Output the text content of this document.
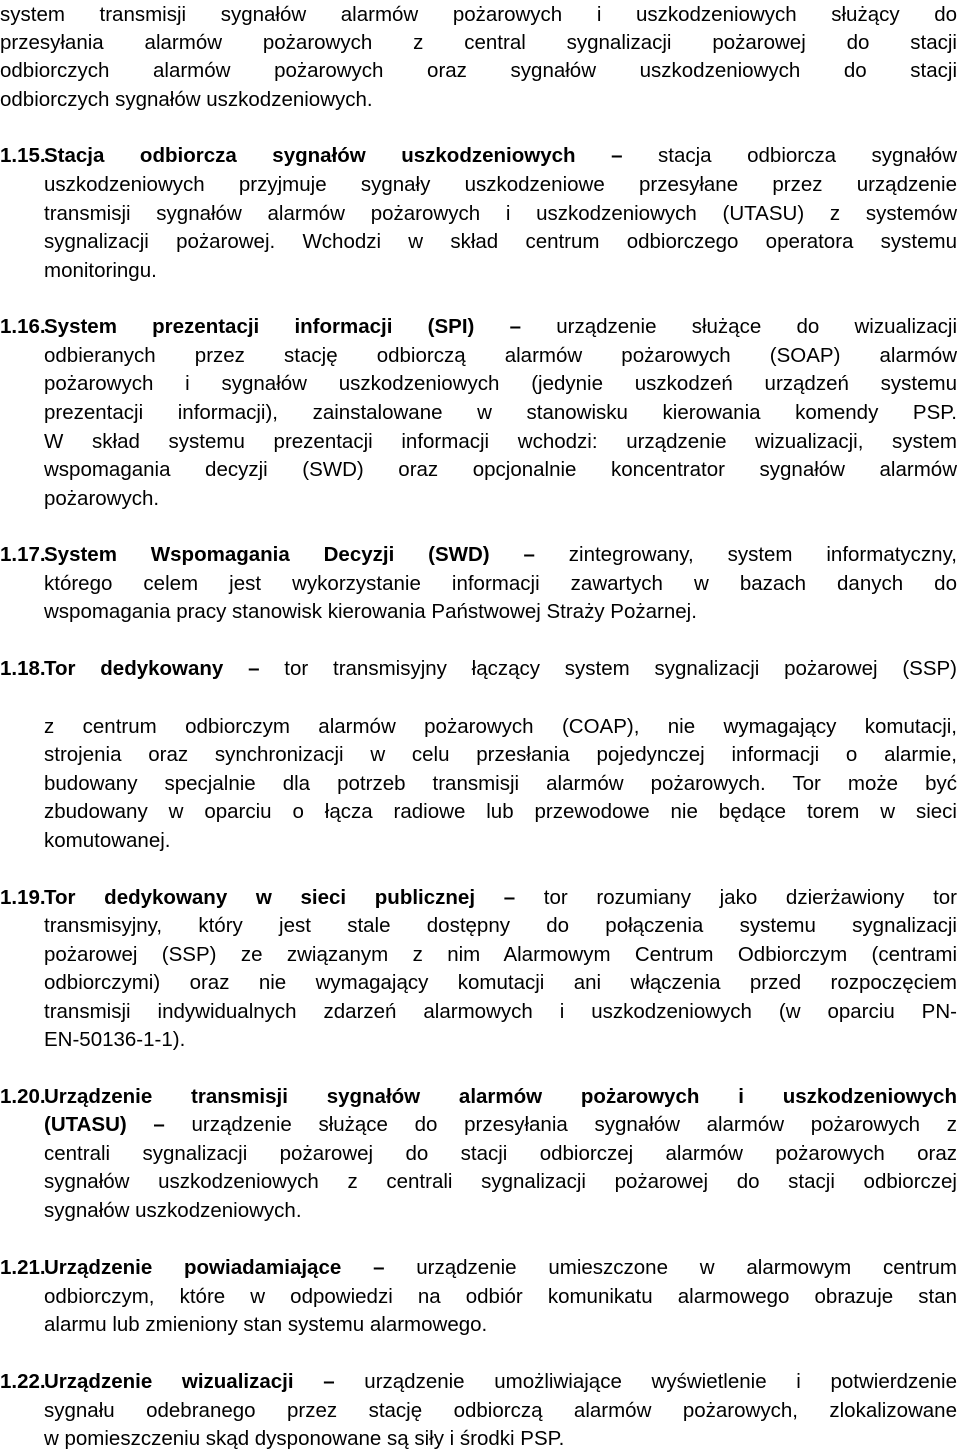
system transmisji sygnałów alarmów pożarowych i uszkodzeniowych służący do
przesyłania alarmów pożarowych z central sygnalizacji pożarowej do stacji
odbiorczych alarmów pożarowych oraz sygnałów uszkodzeniowych do stacji
odbiorczych sygnałów uszkodzeniowych.
1.15.Stacja odbiorcza sygnałów uszkodzeniowych – stacja odbiorcza sygnałów
uszkodzeniowych przyjmuje sygnały uszkodzeniowe przesyłane przez urządzenie
transmisji sygnałów alarmów pożarowych i uszkodzeniowych (UTASU) z systemów
sygnalizacji pożarowej. Wchodzi w skład centrum odbiorczego operatora systemu
monitoringu.
1.16.System prezentacji informacji (SPI) – urządzenie służące do wizualizacji
odbieranych przez stację odbiorczą alarmów pożarowych (SOAP) alarmów
pożarowych i sygnałów uszkodzeniowych (jedynie uszkodzeń urządzeń systemu
prezentacji informacji), zainstalowane w stanowisku kierowania komendy PSP.
W skład systemu prezentacji informacji wchodzi: urządzenie wizualizacji, system
wspomagania decyzji (SWD) oraz opcjonalnie koncentrator sygnałów alarmów
pożarowych.
1.17.System Wspomagania Decyzji (SWD) – zintegrowany, system informatyczny,
którego celem jest wykorzystanie informacji zawartych w bazach danych do
wspomagania pracy stanowisk kierowania Państwowej Straży Pożarnej.
1.18.Tor dedykowany – tor transmisyjny łączący system sygnalizacji pożarowej (SSP)
z centrum odbiorczym alarmów pożarowych (COAP), nie wymagający komutacji,
strojenia oraz synchronizacji w celu przesłania pojedynczej informacji o alarmie,
budowany specjalnie dla potrzeb transmisji alarmów pożarowych. Tor może być
zbudowany w oparciu o łącza radiowe lub przewodowe nie będące torem w sieci
komutowanej.
1.19.Tor dedykowany w sieci publicznej – tor rozumiany jako dzierżawiony tor
transmisyjny, który jest stale dostępny do połączenia systemu sygnalizacji
pożarowej (SSP) ze związanym z nim Alarmowym Centrum Odbiorczym (centrami
odbiorczymi) oraz nie wymagający komutacji ani włączenia przed rozpoczęciem
transmisji indywidualnych zdarzeń alarmowych i uszkodzeniowych (w oparciu PN-
EN-50136-1-1).
1.20.Urządzenie transmisji sygnałów alarmów pożarowych i uszkodzeniowych
(UTASU) – urządzenie służące do przesyłania sygnałów alarmów pożarowych z
centrali sygnalizacji pożarowej do stacji odbiorczej alarmów pożarowych oraz
sygnałów uszkodzeniowych z centrali sygnalizacji pożarowej do stacji odbiorczej
sygnałów uszkodzeniowych.
1.21.Urządzenie powiadamiające – urządzenie umieszczone w alarmowym centrum
odbiorczym, które w odpowiedzi na odbiór komunikatu alarmowego obrazuje stan
alarmu lub zmieniony stan systemu alarmowego.
1.22.Urządzenie wizualizacji – urządzenie umożliwiające wyświetlenie i potwierdzenie
sygnału odebranego przez stację odbiorczą alarmów pożarowych, zlokalizowane
w pomieszczeniu skąd dysponowane są siły i środki PSP.
